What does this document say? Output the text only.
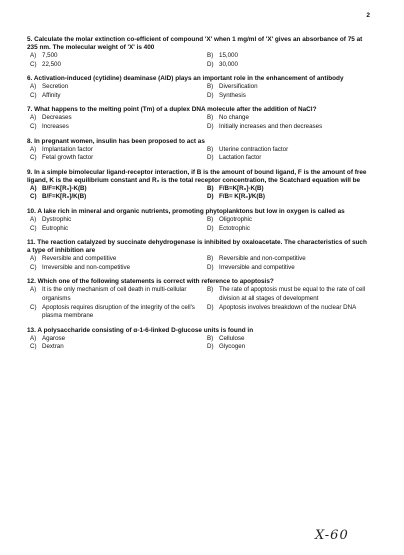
2
5. Calculate the molar extinction co-efficient of compound 'X' when 1 mg/ml of 'X' gives an absorbance of 75 at 235 nm. The molecular weight of 'X' is 400
A) 7,500	B) 15,000
C) 22,500	D) 30,000
6. Activation-induced (cytidine) deaminase (AID) plays an important role in the enhancement of antibody
A) Secretion	B) Diversification
C) Affinity	D) Synthesis
7. What happens to the melting point (Tm) of a duplex DNA molecule after the addition of NaCl?
A) Decreases	B) No change
C) Increases	D) Initially increases and then decreases
8. In pregnant women, insulin has been proposed to act as
A) Implantation factor	B) Uterine contraction factor
C) Fetal growth factor	D) Lactation factor
9. In a simple bimolecular ligand-receptor interaction, if B is the amount of bound ligand, F is the amount of free ligand, K is the equilibrium constant and R₀ is the total receptor concentration, the Scatchard equation will be
A) B/F=K[R₀]-K(B)	B) F/B=K[R₀]-K(B)
C) B/F=K[R₀]/K(B)	D) F/B= K[R₀]/K(B)
10. A lake rich in mineral and organic nutrients, promoting phytoplanktons but low in oxygen is called as
A) Dystrophic	B) Oligotrophic
C) Eutrophic	D) Ectotrophic
11. The reaction catalyzed by succinate dehydrogenase is inhibited by oxaloacetate. The characteristics of such a type of inhibition are
A) Reversible and competitive	B) Reversible and non-competitive
C) Irreversible and non-competitive	D) Irreversible and competitive
12. Which one of the following statements is correct with reference to apoptosis?
A) It is the only mechanism of cell death in multi-cellular organisms
B) The rate of apoptosis must be equal to the rate of cell division at all stages of development
C) Apoptosis requires disruption of the integrity of the cell's plasma membrane
D) Apoptosis involves breakdown of the nuclear DNA
13. A polysaccharide consisting of α-1-6-linked D-glucose units is found in
A) Agarose	B) Cellulose
C) Dextran	D) Glycogen
X-60
